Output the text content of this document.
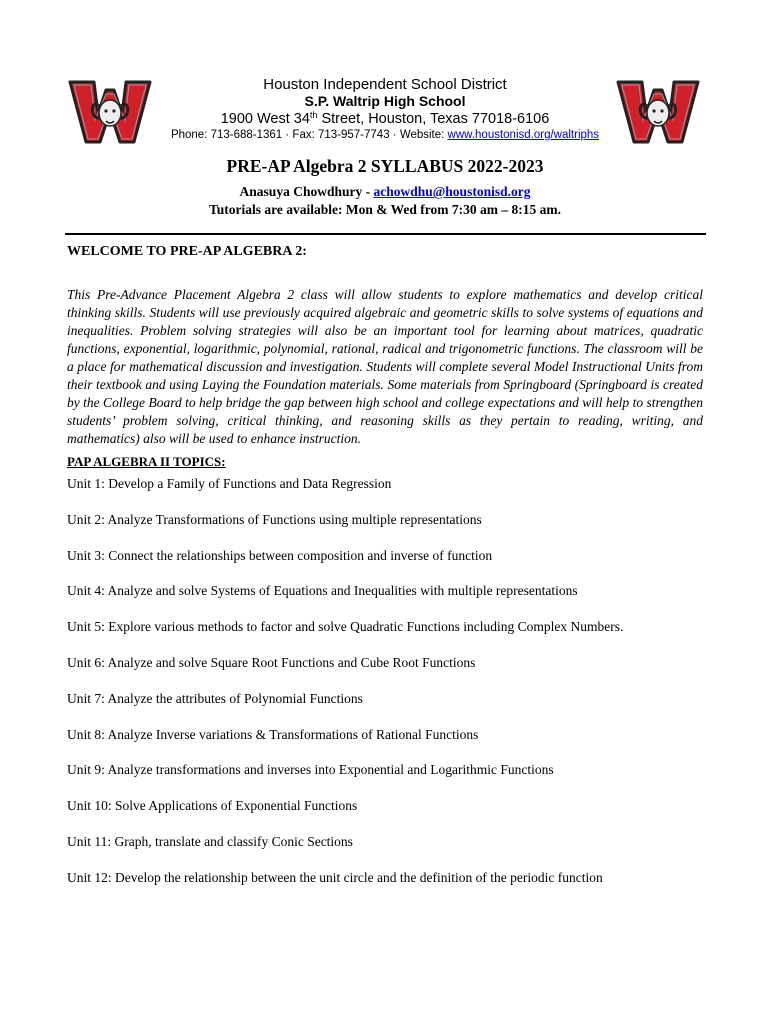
Houston Independent School District
S.P. Waltrip High School
1900 West 34th Street, Houston, Texas 77018-6106
Phone: 713-688-1361 · Fax: 713-957-7743 · Website: www.houstonisd.org/waltriphs
PRE-AP Algebra 2 SYLLABUS 2022-2023
Anasuya Chowdhury - achowdhu@houstonisd.org
Tutorials are available: Mon & Wed from 7:30 am – 8:15 am.
WELCOME TO PRE-AP ALGEBRA 2:

This Pre-Advance Placement Algebra 2 class will allow students to explore mathematics and develop critical thinking skills. Students will use previously acquired algebraic and geometric skills to solve systems of equations and inequalities. Problem solving strategies will also be an important tool for learning about matrices, quadratic functions, exponential, logarithmic, polynomial, rational, radical and trigonometric functions. The classroom will be a place for mathematical discussion and investigation. Students will complete several Model Instructional Units from their textbook and using Laying the Foundation materials. Some materials from Springboard (Springboard is created by the College Board to help bridge the gap between high school and college expectations and will help to strengthen students’ problem solving, critical thinking, and reasoning skills as they pertain to reading, writing, and mathematics) also will be used to enhance instruction.

PAP ALGEBRA II TOPICS:
Unit 1: Develop a Family of Functions and Data Regression
Unit 2: Analyze Transformations of Functions using multiple representations
Unit 3: Connect the relationships between composition and inverse of function
Unit 4: Analyze and solve Systems of Equations and Inequalities with multiple representations
Unit 5: Explore various methods to factor and solve Quadratic Functions including Complex Numbers.
Unit 6: Analyze and solve Square Root Functions and Cube Root Functions
Unit 7: Analyze the attributes of Polynomial Functions
Unit 8: Analyze Inverse variations & Transformations of Rational Functions
Unit 9: Analyze transformations and inverses into Exponential and Logarithmic Functions
Unit 10: Solve Applications of Exponential Functions
Unit 11: Graph, translate and classify Conic Sections
Unit 12: Develop the relationship between the unit circle and the definition of the periodic function
